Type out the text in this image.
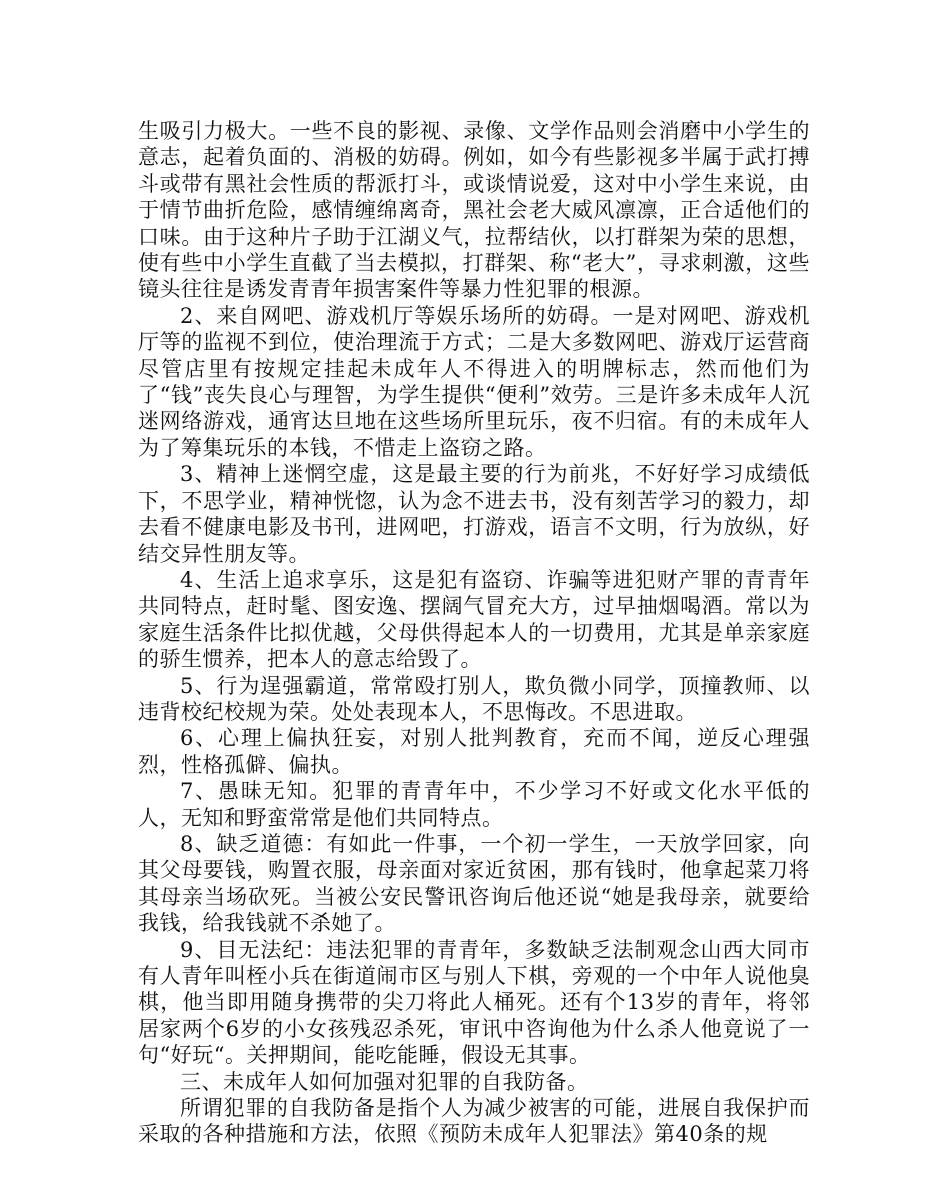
生吸引力极大。一些不良的影视、录像、文学作品则会消磨中小学生的意志，起着负面的、消极的妨碍。例如，如今有些影视多半属于武打搏斗或带有黑社会性质的帮派打斗，或谈情说爱，这对中小学生来说，由于情节曲折危险，感情缠绵离奇，黑社会老大威风凛凛，正合适他们的口味。由于这种片子助于江湖义气，拉帮结伙，以打群架为荣的思想，使有些中小学生直截了当去模拟，打群架、称“老大”，寻求刺激，这些镜头往往是诱发青青年损害案件等暴力性犯罪的根源。

2、来自网吧、游戏机厅等娱乐场所的妨碍。一是对网吧、游戏机厅等的监视不到位，使治理流于方式；二是大多数网吧、游戏厅运营商尽管店里有按规定挂起未成年人不得进入的明牌标志，然而他们为了“钱”丧失良心与理智，为学生提供“便利”效劳。三是许多未成年人沉迷网络游戏，通宵达旦地在这些场所里玩乐，夜不归宿。有的未成年人为了筹集玩乐的本钱，不惜走上盗窃之路。

3、精神上迷惘空虚，这是最主要的行为前兆，不好好学习成绩低下，不思学业，精神恍惚，认为念不进去书，没有刻苦学习的毅力，却去看不健康电影及书刊，进网吧，打游戏，语言不文明，行为放纵，好结交异性朋友等。

4、生活上追求享乐，这是犯有盗窃、诈骗等进犯财产罪的青青年共同特点，赶时髦、图安逸、摆阔气冒充大方，过早抽烟喝酒。常以为家庭生活条件比拟优越，父母供得起本人的一切费用，尤其是单亲家庭的骄生惯养，把本人的意志给毁了。

5、行为逞强霸道，常常殴打别人，欺负微小同学，顶撞教师、以违背校纪校规为荣。处处表现本人，不思悔改。不思进取。

6、心理上偏执狂妄，对别人批判教育，充而不闻，逆反心理强烈，性格孤僻、偏执。

7、愚昧无知。犯罪的青青年中，不少学习不好或文化水平低的人，无知和野蛮常常是他们共同特点。

8、缺乏道德：有如此一件事，一个初一学生，一天放学回家，向其父母要钱，购置衣服，母亲面对家近贫困，那有钱时，他拿起菜刀将其母亲当场砍死。当被公安民警讯咨询后他还说“她是我母亲，就要给我钱，给我钱就不杀她了。

9、目无法纪：违法犯罪的青青年，多数缺乏法制观念山西大同市有人青年叫桎小兵在街道闹市区与别人下棋，旁观的一个中年人说他臭棋，他当即用随身携带的尖刀将此人桶死。还有个13岁的青年，将邻居家两个6岁的小女孩残忍杀死，审讯中咨询他为什么杀人他竟说了一句“好玩“。关押期间，能吃能睡，假设无其事。

三、未成年人如何加强对犯罪的自我防备。

所谓犯罪的自我防备是指个人为减少被害的可能，进展自我保护而采取的各种措施和方法，依照《预防未成年人犯罪法》第40条的规
